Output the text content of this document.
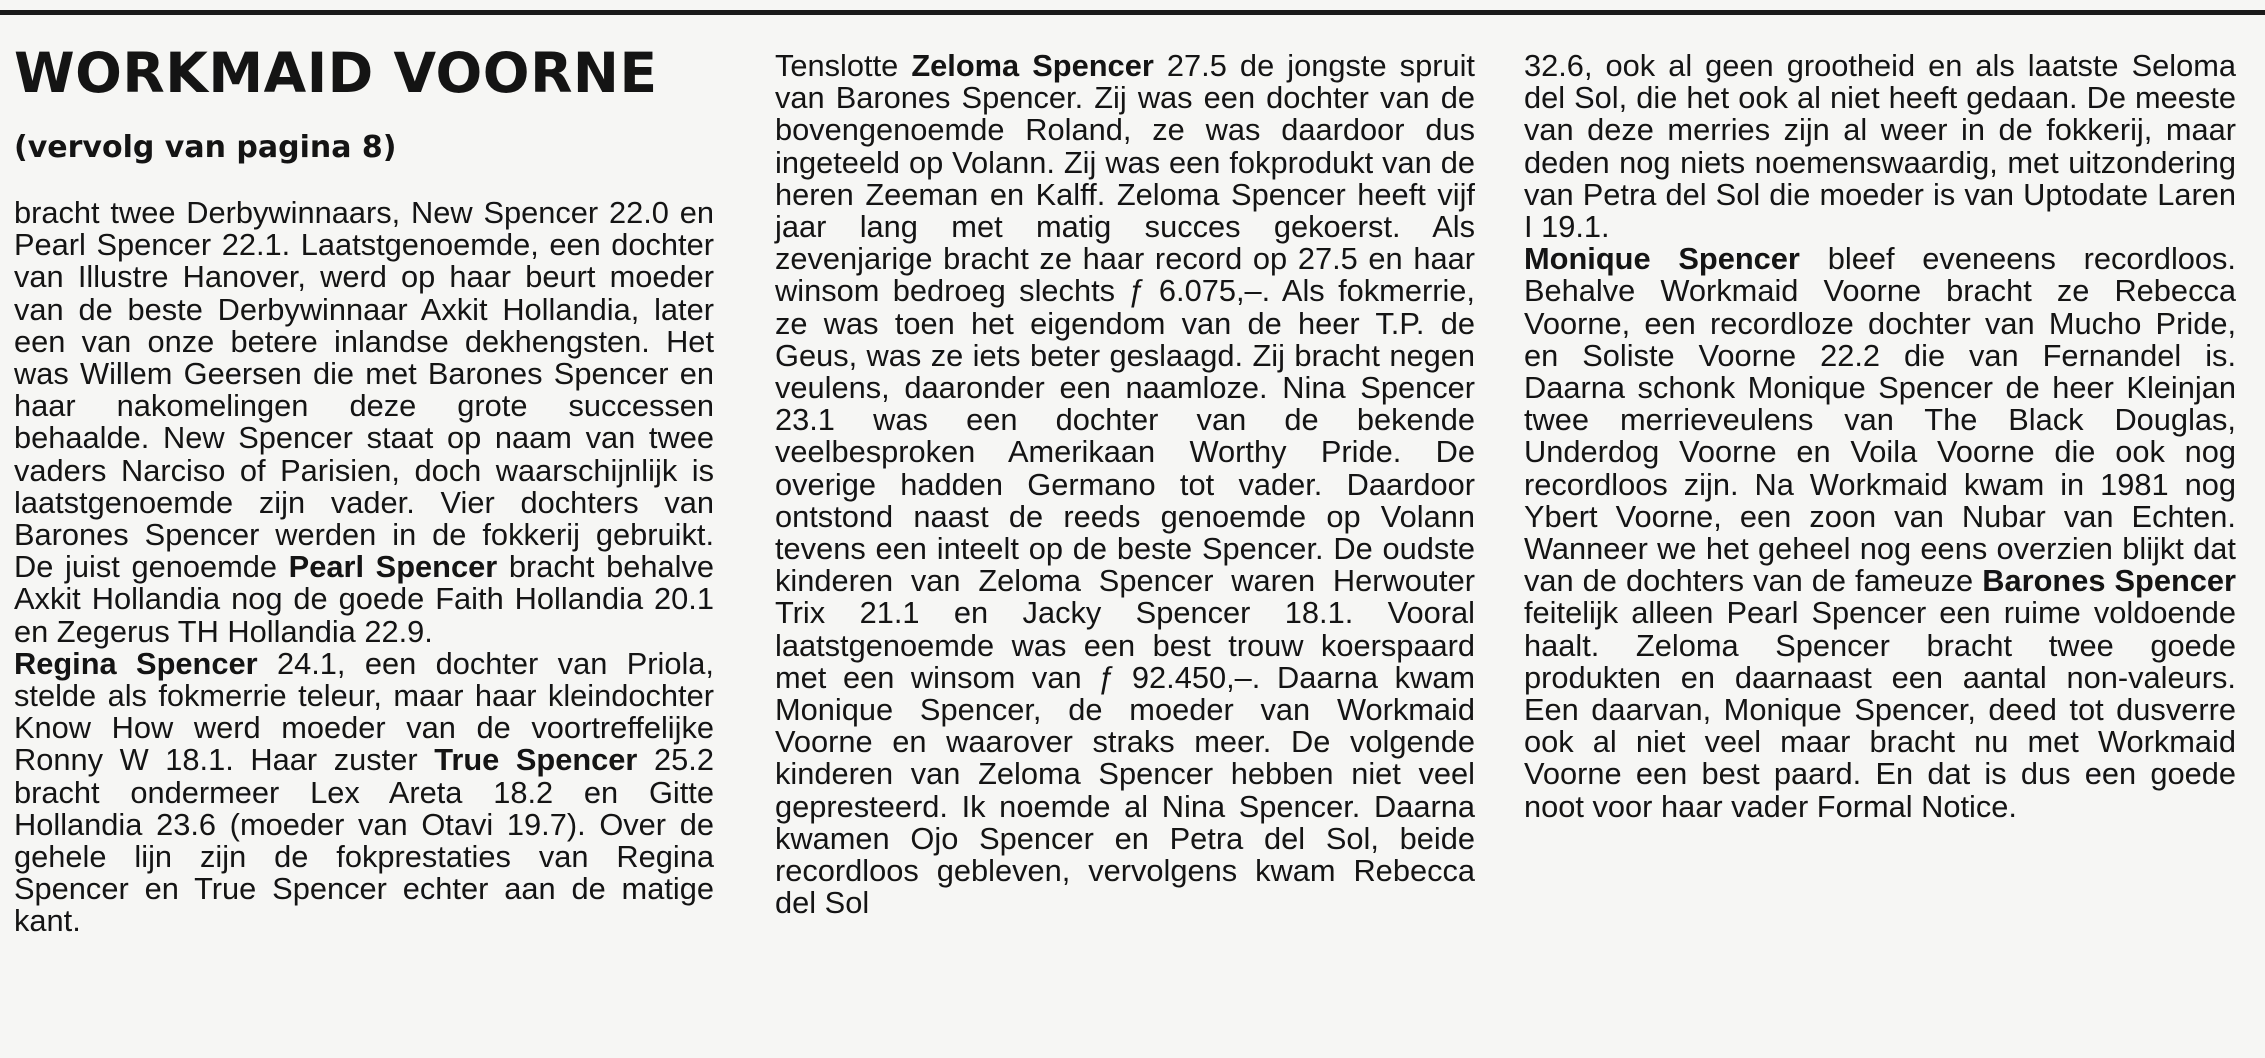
WORKMAID VOORNE
(vervolg van pagina 8)

bracht twee Derbywinnaars, New Spencer 22.0 en Pearl Spencer 22.1. Laatstgenoemde, een dochter van Illustre Hanover, werd op haar beurt moeder van de beste Derbywinnaar Axkit Hollandia, later een van onze betere inlandse dekhengsten. Het was Willem Geersen die met Barones Spencer en haar nakomelingen deze grote successen behaalde. New Spencer staat op naam van twee vaders Narciso of Parisien, doch waarschijnlijk is laatstgenoemde zijn vader. Vier dochters van Barones Spencer werden in de fokkerij gebruikt. De juist genoemde Pearl Spencer bracht behalve Axkit Hollandia nog de goede Faith Hollandia 20.1 en Zegerus TH Hollandia 22.9.

Regina Spencer 24.1, een dochter van Priola, stelde als fokmerrie teleur, maar haar kleindochter Know How werd moeder van de voortreffelijke Ronny W 18.1. Haar zuster True Spencer 25.2 bracht ondermeer Lex Areta 18.2 en Gitte Hollandia 23.6 (moeder van Otavi 19.7). Over de gehele lijn zijn de fokprestaties van Regina Spencer en True Spencer echter aan de matige kant.

Tenslotte Zeloma Spencer 27.5 de jongste spruit van Barones Spencer. Zij was een dochter van de bovengenoemde Roland, ze was daardoor dus ingeteeld op Volann. Zij was een fokprodukt van de heren Zeeman en Kalff. Zeloma Spencer heeft vijf jaar lang met matig succes gekoerst. Als zevenjarige bracht ze haar record op 27.5 en haar winsom bedroeg slechts ƒ 6.075,–. Als fokmerrie, ze was toen het eigendom van de heer T.P. de Geus, was ze iets beter geslaagd. Zij bracht negen veulens, daaronder een naamloze. Nina Spencer 23.1 was een dochter van de bekende veelbesproken Amerikaan Worthy Pride. De overige hadden Germano tot vader. Daardoor ontstond naast de reeds genoemde op Volann tevens een inteelt op de beste Spencer. De oudste kinderen van Zeloma Spencer waren Herwouter Trix 21.1 en Jacky Spencer 18.1. Vooral laatstgenoemde was een best trouw koerspaard met een winsom van ƒ 92.450,–. Daarna kwam Monique Spencer, de moeder van Workmaid Voorne en waarover straks meer. De volgende kinderen van Zeloma Spencer hebben niet veel gepresteerd. Ik noemde al Nina Spencer. Daarna kwamen Ojo Spencer en Petra del Sol, beide recordloos gebleven, vervolgens kwam Rebecca del Sol

32.6, ook al geen grootheid en als laatste Seloma del Sol, die het ook al niet heeft gedaan. De meeste van deze merries zijn al weer in de fokkerij, maar deden nog niets noemenswaardig, met uitzondering van Petra del Sol die moeder is van Uptodate Laren I 19.1.

Monique Spencer bleef eveneens recordloos. Behalve Workmaid Voorne bracht ze Rebecca Voorne, een recordloze dochter van Mucho Pride, en Soliste Voorne 22.2 die van Fernandel is. Daarna schonk Monique Spencer de heer Kleinjan twee merrieveulens van The Black Douglas, Underdog Voorne en Voila Voorne die ook nog recordloos zijn. Na Workmaid kwam in 1981 nog Ybert Voorne, een zoon van Nubar van Echten. Wanneer we het geheel nog eens overzien blijkt dat van de dochters van de fameuze Barones Spencer feitelijk alleen Pearl Spencer een ruime voldoende haalt. Zeloma Spencer bracht twee goede produkten en daarnaast een aantal non-valeurs. Een daarvan, Monique Spencer, deed tot dusverre ook al niet veel maar bracht nu met Workmaid Voorne een best paard. En dat is dus een goede noot voor haar vader Formal Notice.
